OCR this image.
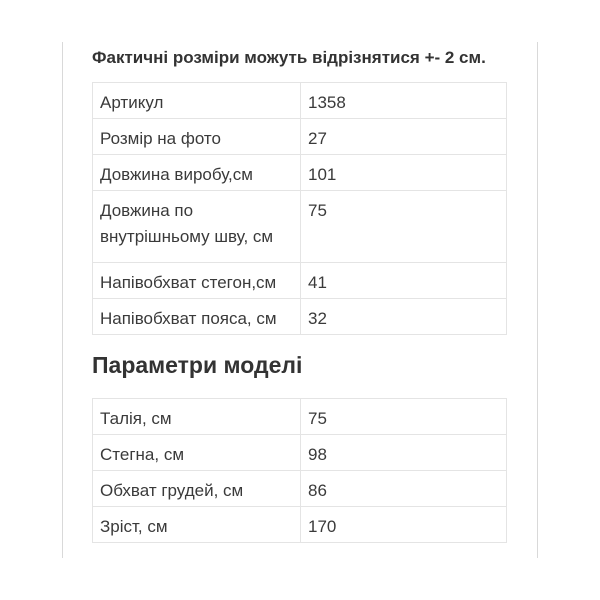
Фактичні розміри можуть відрізнятися +- 2 см.

Артикул	1358
Розмір на фото	27
Довжина виробу,см	101
Довжина по внутрішньому шву, см	75
Напівобхват стегон,см	41
Напівобхват пояса, см	32
Параметри моделі
Талія, см	75
Стегна, см	98
Обхват грудей, см	86
Зріст, см	170
